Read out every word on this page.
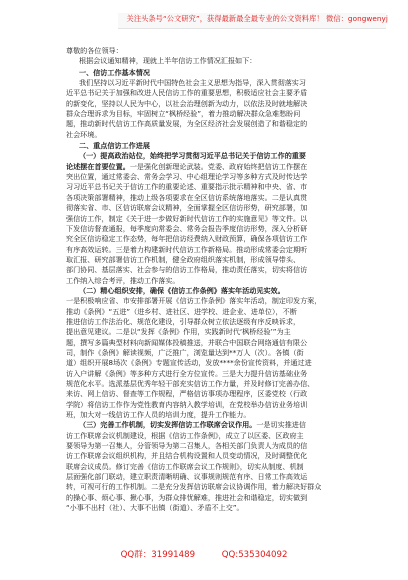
关注头条号“公文研究”，获得最新最全最专业的公文资料库！ 微信：gongwenyj
尊敬的各位领导：
根据会议通知精神，现就上半年信访工作情况汇报如下：
一、信访工作基本情况
我们坚持以习近平新时代中国特色社会主义思想为指导，深入贯彻落实习
近平总书记关于加强和改进人民信访工作的重要思想，积极适应社会主要矛盾
的新变化，坚持以人民为中心，以社会治理创新为动力，以依法及时就地解决
群众合理诉求为目标，牢固树立“枫桥经验”，着力推动解决群众急难愁盼问
题，推动新时代信访工作高质量发展，为全区经济社会发展创造了和谐稳定的
社会环境。
二、重点信访工作进展
（一）提高政治站位，始终把学习贯彻习近平总书记关于信访工作的重要
论述摆在首要位置。一是强化创新理论武装。党委、政府始终把信访工作摆在
突出位置，通过常委会、常务会学习、中心组理论学习等多种方式及时传达学
习习近平总书记关于信访工作的重要论述、重要指示批示精神和中央、省、市
各项决策部署精神，推动上级各项要求在全区信访系统落地落实。二是认真贯
彻落实省、市、区信访联席会议精神，全面掌握全区信访形势，研究部署，加
强信访工作，制定《关于进一步做好新时代信访工作的实施意见》等文件。以
下发信访督查通报，每季度向常委会、常务会报告季度信访形势，深入分析研
究全区信访稳定工作态势，每年把信访经费纳入财政预算，确保各项信访工作
有序高效运转。三是着力构建新时代信访工作新格局。推动形成常委会定期听
取汇报、研究部署信访工作机制，健全政府组织落实机制，形成领导带头、
部门协同、基层落实、社会参与的信访工作格局，推动责任落实，切实将信访
工作纳入综合考评，推动工作落实。
（二）精心组织安排，确保《信访工作条例》落实年活动见实效。
一是积极响应省、市安排部署开展《信访工作条例》落实年活动，制定印发方案，
推动《条例》“五进”（进乡村、进社区、进学校、进企业、进单位），不断
推进信访工作法治化、规范化建设，引导群众树立依法逐级有序反映诉求，
提出意见建议。二是以“发挥《条例》作用，实践新时代‘枫桥经验’”为主
题，撰写多篇典型材料向新闻媒体投稿推送，并联合中国联合网络通信有限公
司，制作《条例》解读视频，广泛推广，浏览量达到**万人（次）。各镇（街
道）组织开展8场次《条例》专题宣传活动，发放****余份宣传资料，并通过进
访入户讲解《条例》等多种方式进行全方位宣传。三是大力提升信访基础业务
规范化水平。选派基层优秀年轻干部充实信访工作力量，并及时修订完善办信、
来访、网上信访、督查等工作规程，严格信访事项办理程序，区委党校（行政
学院）将信访工作作为党性教育内容纳入教学培训，在党校举办信访业务培训
班，加大对一线信访工作人员的培训力度，提升工作能力。
（三）完善工作机制，切实发挥信访工作联席会议作用。一是切实推进信
访工作联席会议机制建设，根据《信访工作条例》，成立了以区委、区政府主
要领导为第一召集人，分管领导为第二召集人，各相关部门负责人为成员的信
访工作联席会议组织机构，并且结合机构设置和人员变动情况，及时调整优化
联席会议成员。修订完善《信访工作联席会议工作规则》，切实从制度、机制
层面强化部门联动，建立职责清晰明确、议事规则规范有序、日常工作高效运
转，可视可行的工作机制。二是充分发挥信访联席会议协调作用，着力解决好群众
的操心事、烦心事、揪心事，为群众排忧解难，推进社会和谐稳定，切实做到
“小事不出村（社）、大事不出镇（街道）、矛盾不上交”。
QQ群：31991489	QQ:535304092
